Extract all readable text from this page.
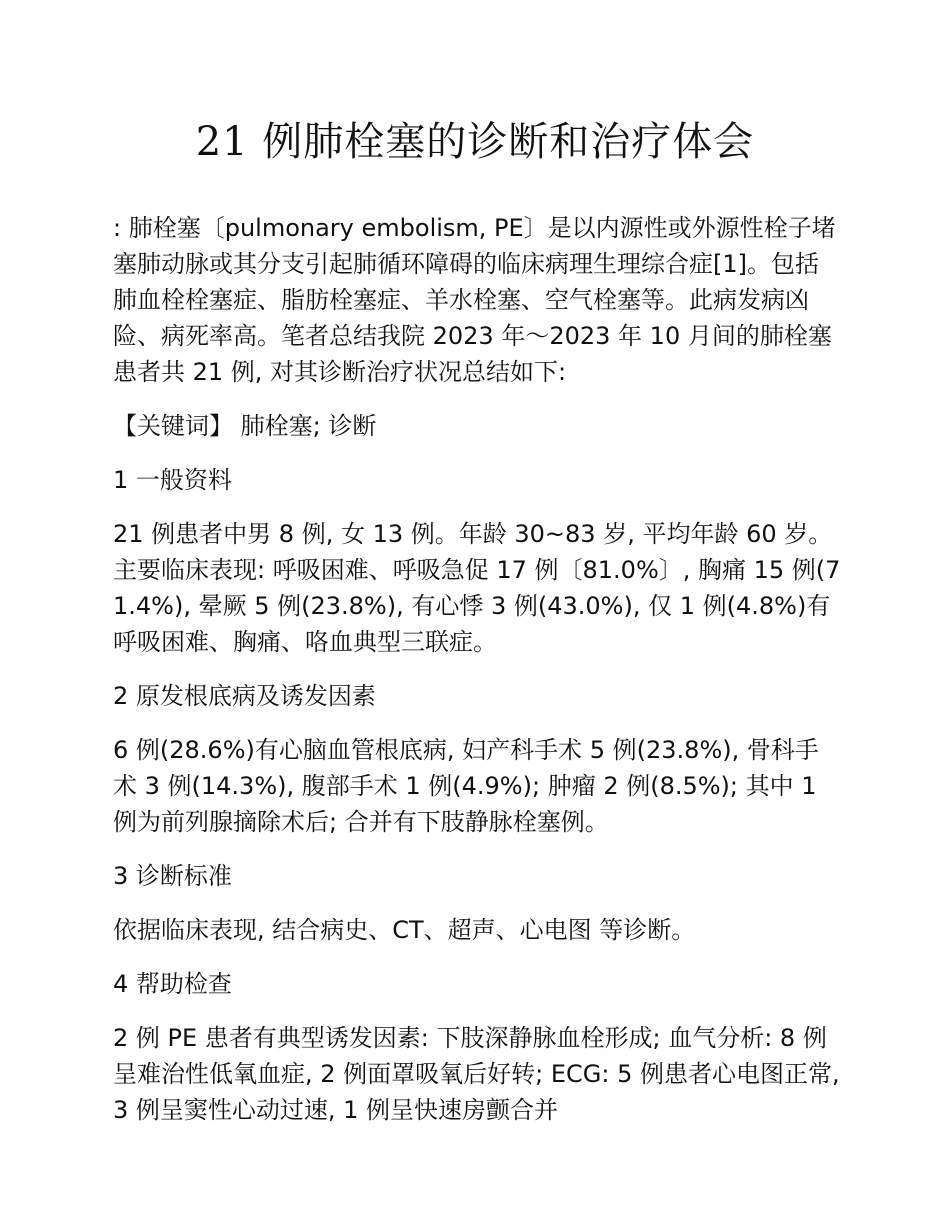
21 例肺栓塞的诊断和治疗体会

: 肺栓塞〔pulmonary embolism, PE〕是以内源性或外源性栓子堵塞肺动脉或其分支引起肺循环障碍的临床病理生理综合症[1]。包括肺血栓栓塞症、脂肪栓塞症、羊水栓塞、空气栓塞等。此病发病凶险、病死率高。笔者总结我院 2023 年～2023 年 10 月间的肺栓塞患者共 21 例, 对其诊断治疗状况总结如下:

【关键词】 肺栓塞; 诊断

1 一般资料

21 例患者中男 8 例, 女 13 例。年龄 30~83 岁, 平均年龄 60 岁。主要临床表现: 呼吸困难、呼吸急促 17 例〔81.0%〕, 胸痛 15 例(71.4%), 晕厥 5 例(23.8%), 有心悸 3 例(43.0%), 仅 1 例(4.8%)有呼吸困难、胸痛、咯血典型三联症。

2 原发根底病及诱发因素

6 例(28.6%)有心脑血管根底病, 妇产科手术 5 例(23.8%), 骨科手术 3 例(14.3%), 腹部手术 1 例(4.9%); 肿瘤 2 例(8.5%); 其中 1 例为前列腺摘除术后; 合并有下肢静脉栓塞例。

3 诊断标准

依据临床表现, 结合病史、CT、超声、心电图 等诊断。

4 帮助检查

2 例 PE 患者有典型诱发因素: 下肢深静脉血栓形成; 血气分析: 8 例呈难治性低氧血症, 2 例面罩吸氧后好转; ECG: 5 例患者心电图正常, 3 例呈窦性心动过速, 1 例呈快速房颤合并
